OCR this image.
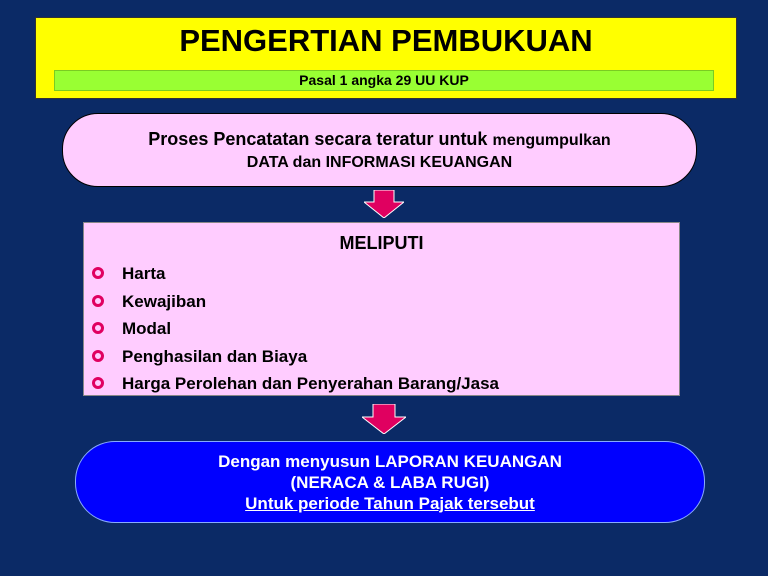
PENGERTIAN PEMBUKUAN
Pasal 1 angka 29 UU KUP
Proses Pencatatan secara teratur untuk mengumpulkan
DATA dan INFORMASI KEUANGAN
MELIPUTI
Harta
Kewajiban
Modal
Penghasilan dan Biaya
Harga Perolehan dan Penyerahan Barang/Jasa
Dengan menyusun LAPORAN KEUANGAN
(NERACA & LABA RUGI)
Untuk periode Tahun Pajak tersebut
